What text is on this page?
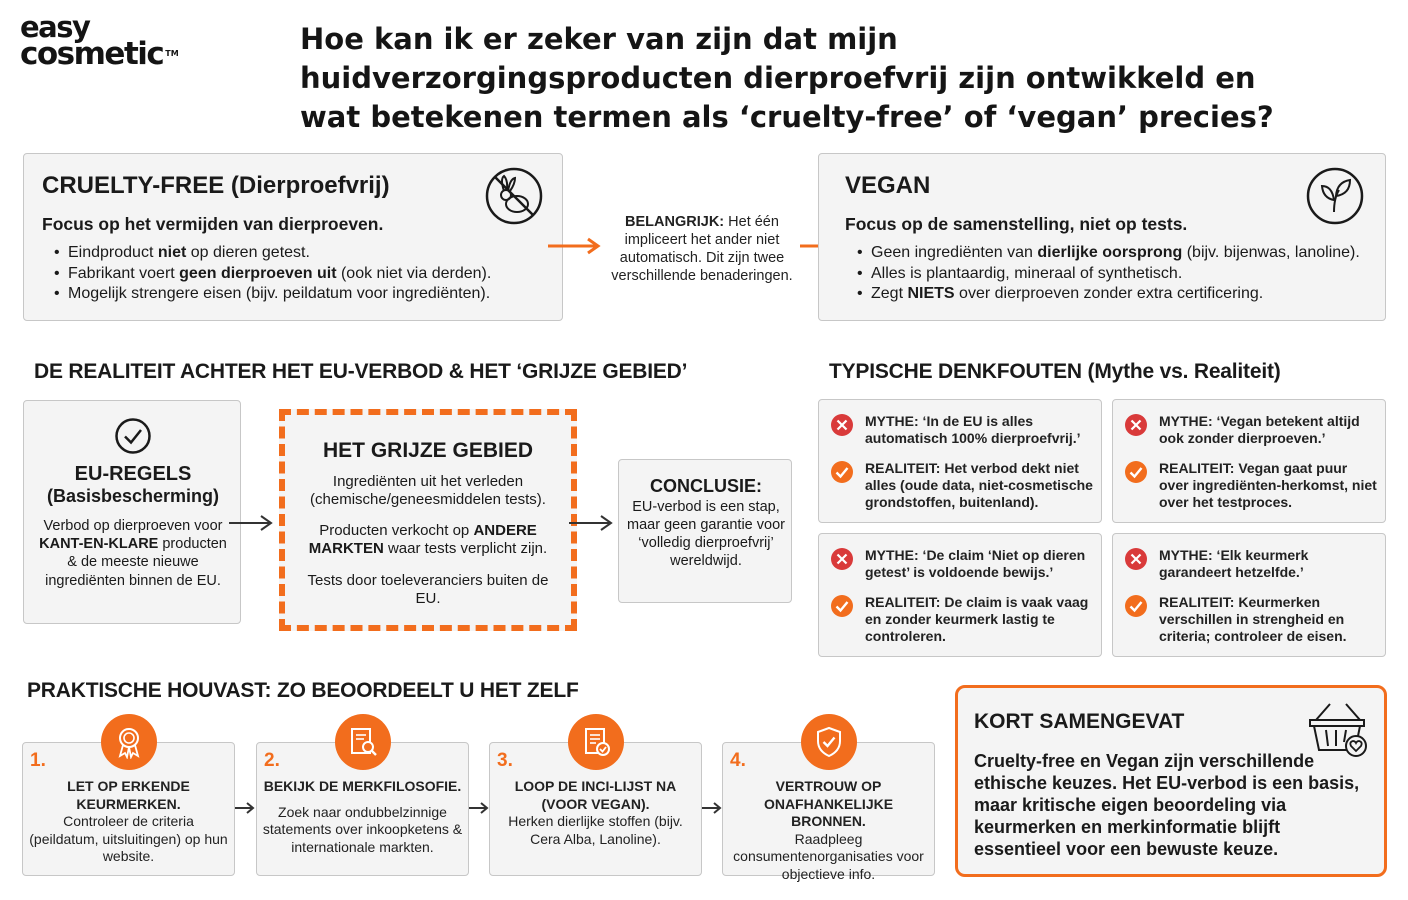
easy
cosmetic ™	Hoe kan ik er zeker van zijn dat mijn huidverzorgingsproducten dierproefvrij zijn ontwikkeld en wat betekenen termen als ‘cruelty-free’ of ‘vegan’ precies?
CRUELTY-FREE (Dierproefvrij)
Focus op het vermijden van dierproeven.
• Eindproduct niet op dieren getest.
• Fabrikant voert geen dierproeven uit (ook niet via derden).
• Mogelijk strengere eisen (bijv. peildatum voor ingrediënten).
BELANGRIJK: Het één impliceert het ander niet automatisch. Dit zijn twee verschillende benaderingen.
VEGAN
Focus op de samenstelling, niet op tests.
• Geen ingrediënten van dierlijke oorsprong (bijv. bijenwas, lanoline).
• Alles is plantaardig, mineraal of synthetisch.
• Zegt NIETS over dierproeven zonder extra certificering.
DE REALITEIT ACHTER HET EU-VERBOD & HET ‘GRIJZE GEBIED’
EU-REGELS
(Basisbescherming)
Verbod op dierproeven voor KANT-EN-KLARE producten & de meeste nieuwe ingrediënten binnen de EU.
HET GRIJZE GEBIED
Ingrediënten uit het verleden (chemische/geneesmiddelen tests).
Producten verkocht op ANDERE MARKTEN waar tests verplicht zijn.
Tests door toeleveranciers buiten de EU.
CONCLUSIE:
EU-verbod is een stap, maar geen garantie voor ‘volledig dierproefvrij’ wereldwijd.
TYPISCHE DENKFOUTEN (Mythe vs. Realiteit)
MYTHE: ‘In de EU is alles automatisch 100% dierproefvrij.’
REALITEIT: Het verbod dekt niet alles (oude data, niet-cosmetische grondstoffen, buitenland).
MYTHE: ‘Vegan betekent altijd ook zonder dierproeven.’
REALITEIT: Vegan gaat puur over ingrediënten-herkomst, niet over het testproces.
MYTHE: ‘De claim ‘Niet op dieren getest’ is voldoende bewijs.’
REALITEIT: De claim is vaak vaag en zonder keurmerk lastig te controleren.
MYTHE: ‘Elk keurmerk garandeert hetzelfde.’
REALITEIT: Keurmerken verschillen in strengheid en criteria; controleer de eisen.
PRAKTISCHE HOUVAST: ZO BEOORDEELT U HET ZELF
1.
LET OP ERKENDE KEURMERKEN.
Controleer de criteria (peildatum, uitsluitingen) op hun website.
2.
BEKIJK DE MERKFILOSOFIE.
Zoek naar ondubbelzinnige statements over inkoopketens & internationale markten.
3.
LOOP DE INCI-LIJST NA (VOOR VEGAN).
Herken dierlijke stoffen (bijv. Cera Alba, Lanoline).
4.
VERTROUW OP ONAFHANKELIJKE BRONNEN.
Raadpleeg consumentenorganisaties voor objectieve info.
KORT SAMENGEVAT
Cruelty-free en Vegan zijn verschillende ethische keuzes. Het EU-verbod is een basis, maar kritische eigen beoordeling via keurmerken en merkinformatie blijft essentieel voor een bewuste keuze.
